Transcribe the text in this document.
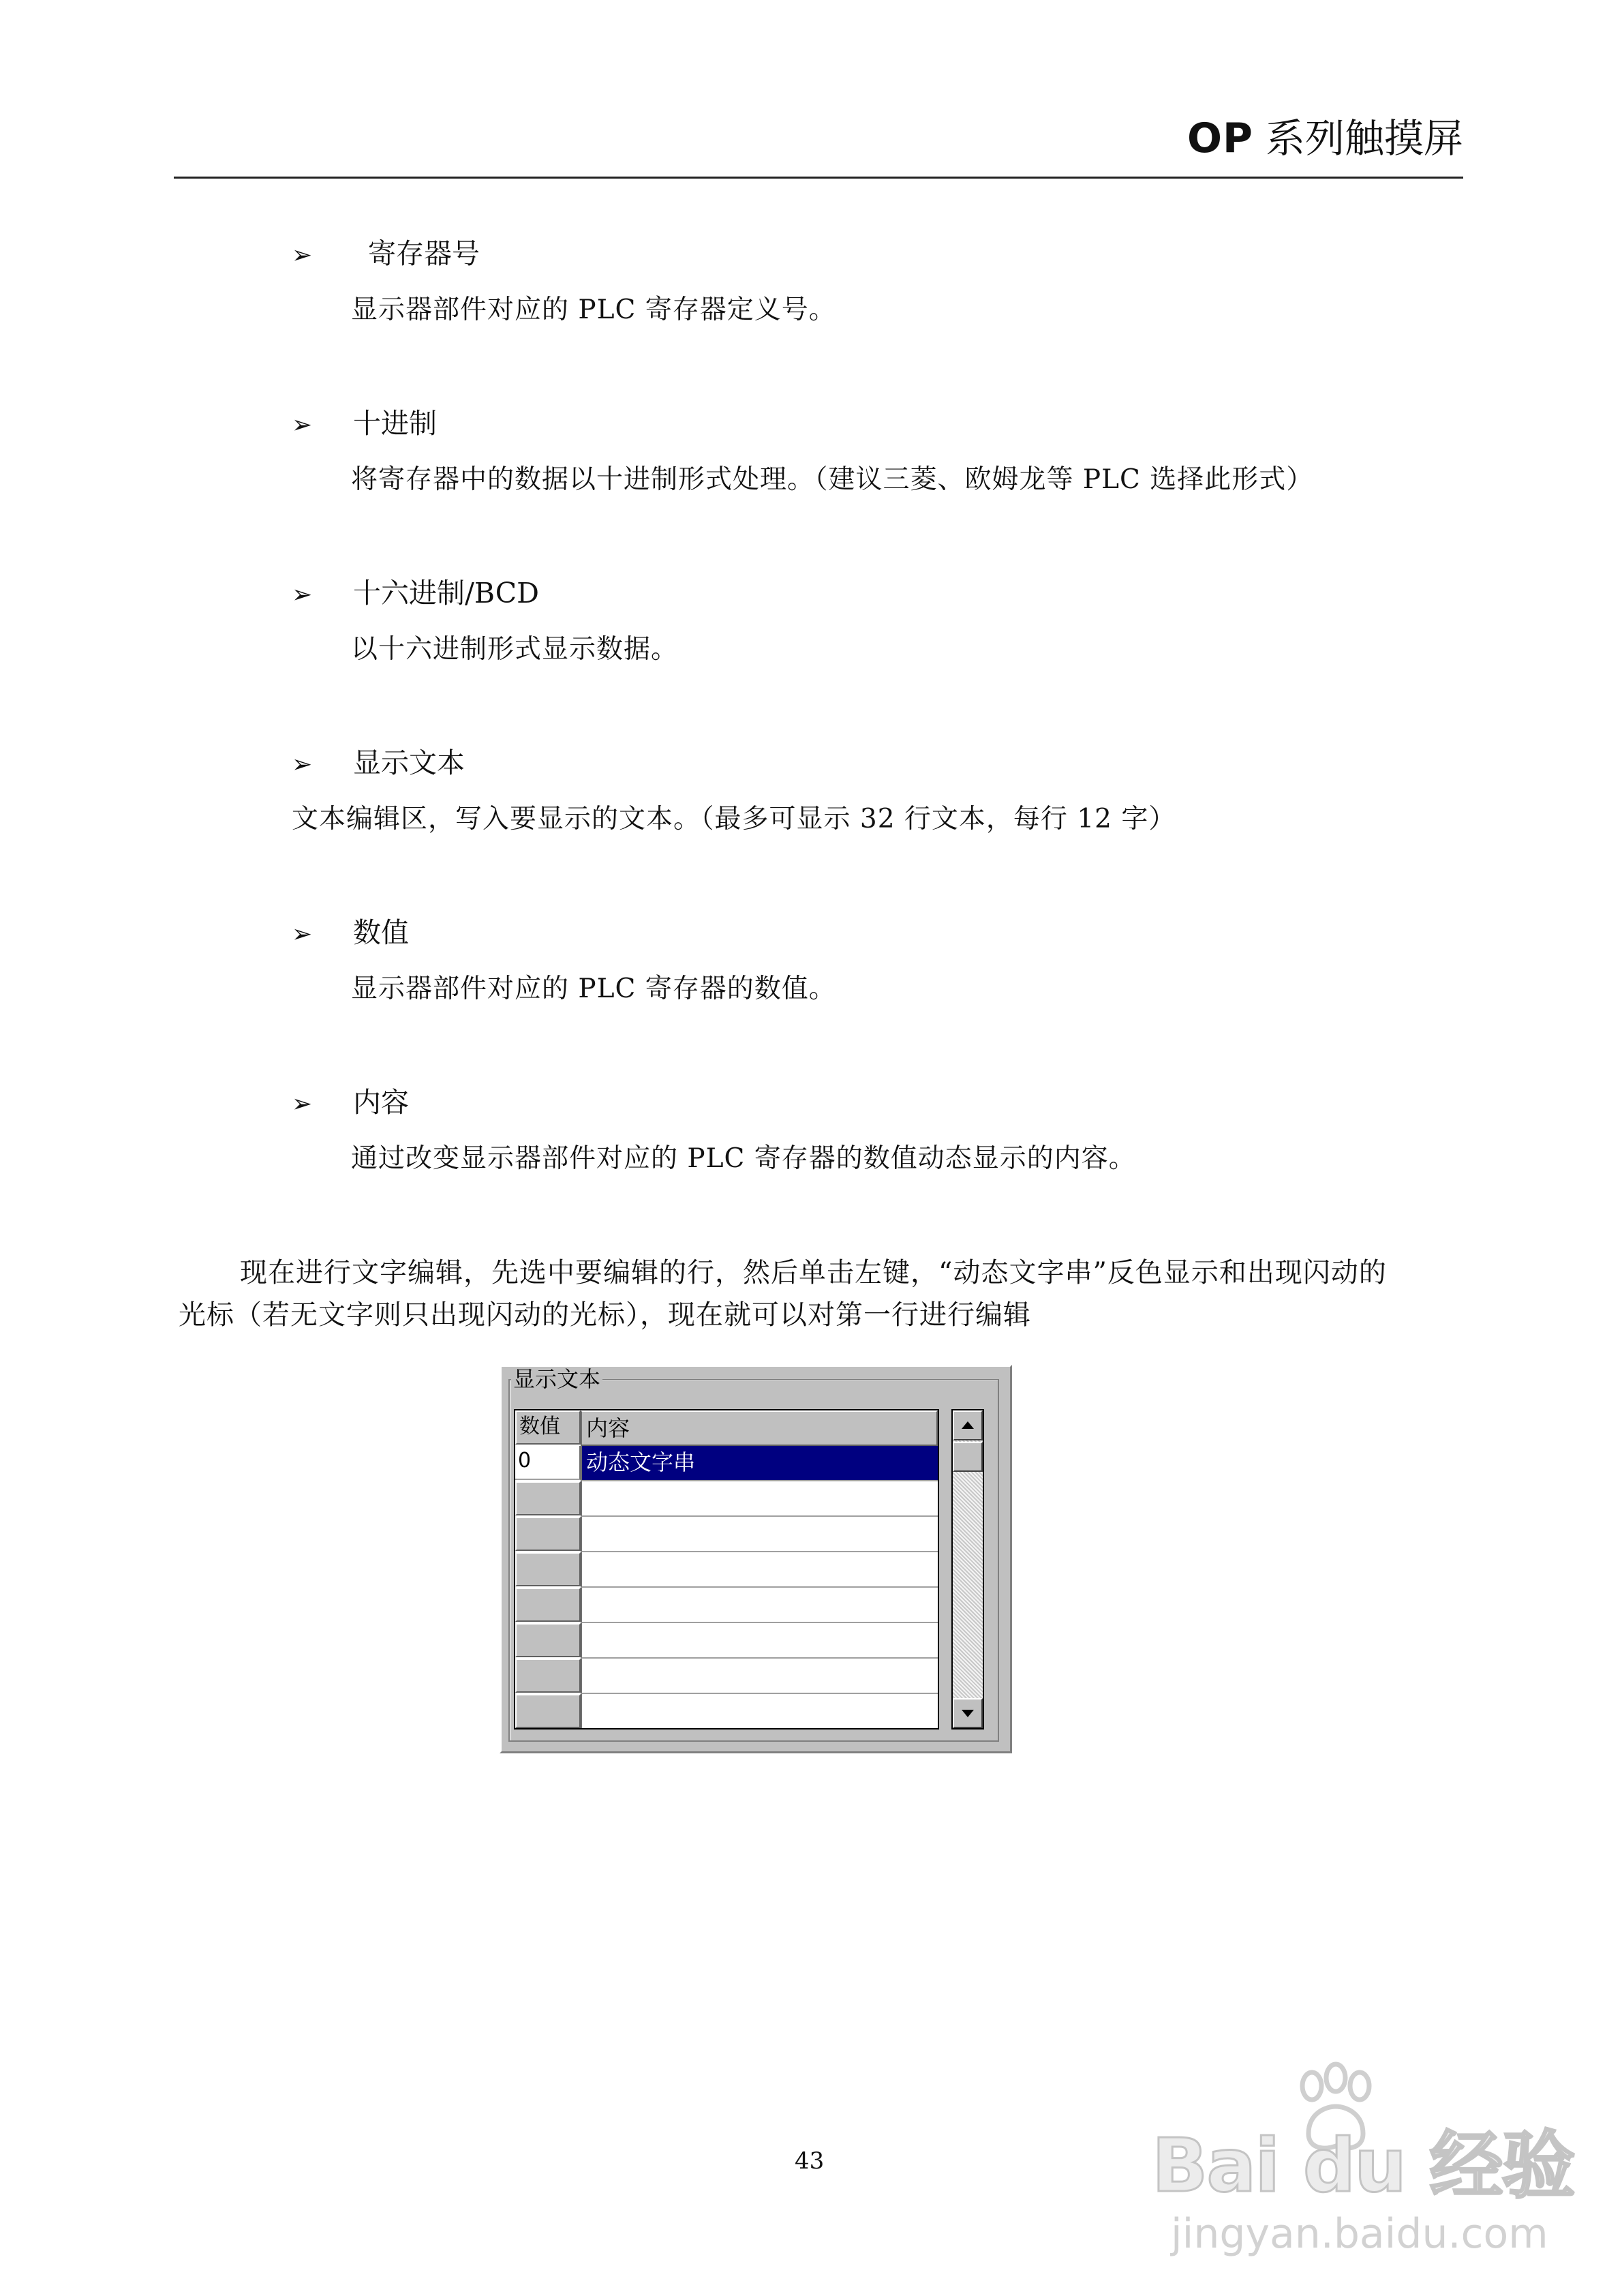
OP 系列触摸屏
➢ 寄存器号
显示器部件对应的 PLC 寄存器定义号。
➢ 十进制
将寄存器中的数据以十进制形式处理。（建议三菱、欧姆龙等 PLC 选择此形式）
➢ 十六进制/BCD
以十六进制形式显示数据。
➢ 显示文本
文本编辑区，写入要显示的文本。（最多可显示 32 行文本，每行 12 字）
➢ 数值
显示器部件对应的 PLC 寄存器的数值。
➢ 内容
通过改变显示器部件对应的 PLC 寄存器的数值动态显示的内容。
现在进行文字编辑，先选中要编辑的行，然后单击左键，“动态文字串”反色显示和出现闪动的
光标（若无文字则只出现闪动的光标），现在就可以对第一行进行编辑
显示文本
数值	内容
0	动态文字串
43	Bai du 经验
jingyan.baidu.com
